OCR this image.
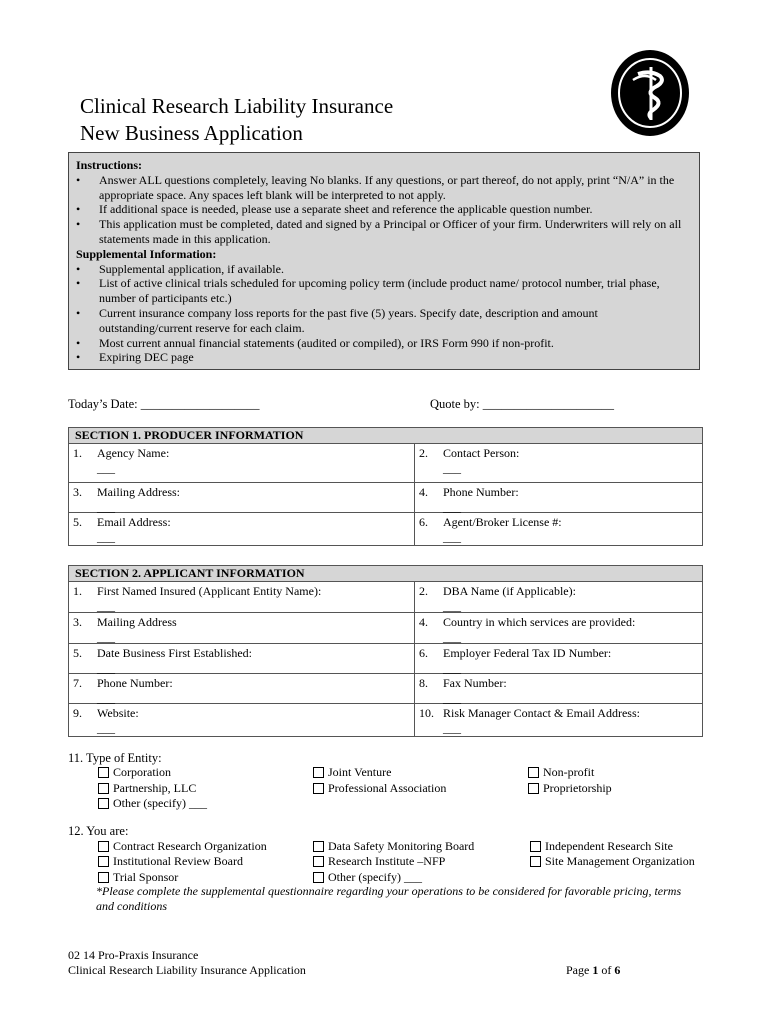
Clinical Research Liability Insurance
New Business Application
Instructions:
•	Answer ALL questions completely, leaving No blanks. If any questions, or part thereof, do not apply, print “N/A” in the appropriate space. Any spaces left blank will be interpreted to not apply.
•	If additional space is needed, please use a separate sheet and reference the applicable question number.
•	This application must be completed, dated and signed by a Principal or Officer of your firm. Underwriters will rely on all statements made in this application.
Supplemental Information:
•	Supplemental application, if available.
•	List of active clinical trials scheduled for upcoming policy term (include product name/ protocol number, trial phase, number of participants etc.)
•	Current insurance company loss reports for the past five (5) years. Specify date, description and amount outstanding/current reserve for each claim.
•	Most current annual financial statements (audited or compiled), or IRS Form 990 if non-profit.
•	Expiring DEC page
Today’s Date: ___________________	Quote by: _____________________
SECTION 1. PRODUCER INFORMATION
1.	Agency Name:
___
2.	Contact Person:
___
3.	Mailing Address:
___
4.	Phone Number:
___
5.	Email Address:
___
6.	Agent/Broker License #:
___
SECTION 2. APPLICANT INFORMATION
1.	First Named Insured (Applicant Entity Name):
___
2.	DBA Name (if Applicable):
___
3.	Mailing Address
___
4.	Country in which services are provided:
___
5.	Date Business First Established:
___
6.	Employer Federal Tax ID Number:
___
7.	Phone Number:
___
8.	Fax Number:
___
9.	Website:
___
10. Risk Manager Contact & Email Address:
___
11. Type of Entity:
Corporation
Partnership, LLC
Other (specify) ___
Joint Venture
Professional Association
Non-profit
Proprietorship
12. You are:
Contract Research Organization
Institutional Review Board
Trial Sponsor
Data Safety Monitoring Board
Research Institute –NFP
Other (specify) ___
Independent Research Site
Site Management Organization
*Please complete the supplemental questionnaire regarding your operations to be considered for favorable pricing, terms and conditions
02 14 Pro-Praxis Insurance
Clinical Research Liability Insurance Application	Page 1 of 6
